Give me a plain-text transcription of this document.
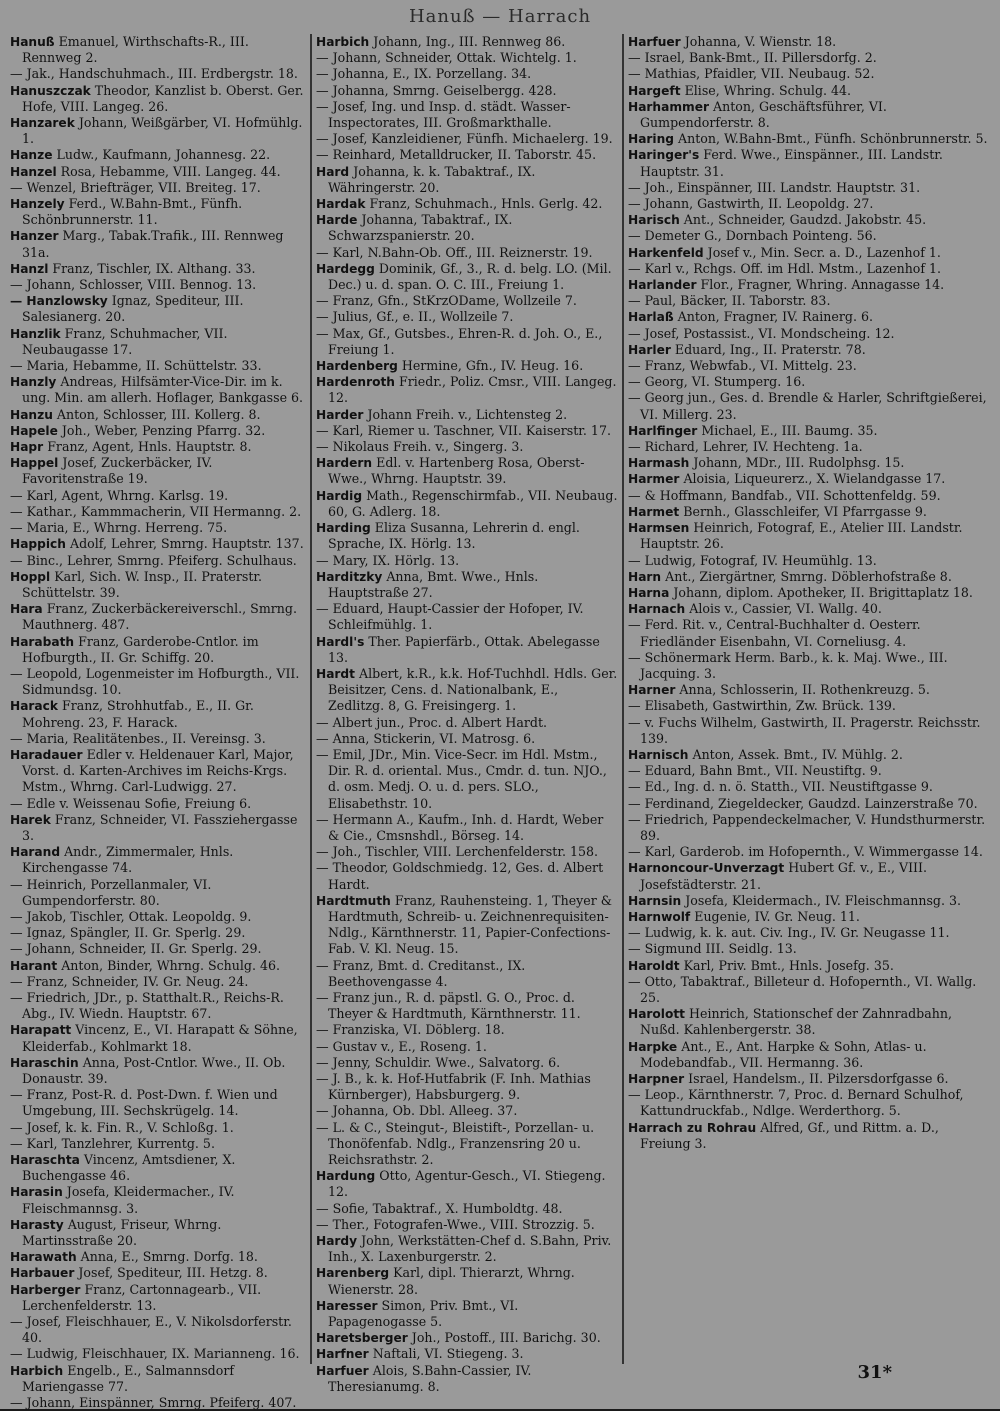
Hanuß — Harrach

Hanuß Emanuel, Wirthschafts-R., III. Rennweg 2.

— Jak., Handschuhmach., III. Erdbergstr. 18.

Hanuszczak Theodor, Kanzlist b. Oberst. Ger. Hofe, VIII. Langeg. 26.

Hanzarek Johann, Weißgärber, VI. Hofmühlg. 1.

Hanze Ludw., Kaufmann, Johannesg. 22.

Hanzel Rosa, Hebamme, VIII. Langeg. 44.

— Wenzel, Briefträger, VII. Breiteg. 17.

Hanzely Ferd., W.Bahn-Bmt., Fünfh. Schönbrunnerstr. 11.

Hanzer Marg., Tabak.Trafik., III. Rennweg 31a.

Hanzl Franz, Tischler, IX. Althang. 33.

— Johann, Schlosser, VIII. Bennog. 13.

— Hanzlowsky Ignaz, Spediteur, III. Salesianerg. 20.

Hanzlik Franz, Schuhmacher, VII. Neubaugasse 17.

— Maria, Hebamme, II. Schüttelstr. 33.

Hanzly Andreas, Hilfsämter-Vice-Dir. im k. ung. Min. am allerh. Hoflager, Bankgasse 6.

Hanzu Anton, Schlosser, III. Kollerg. 8.

Hapele Joh., Weber, Penzing Pfarrg. 32.

Hapr Franz, Agent, Hnls. Hauptstr. 8.

Happel Josef, Zuckerbäcker, IV. Favoritenstraße 19.

— Karl, Agent, Whrng. Karlsg. 19.

— Kathar., Kammmacherin, VII Hermanng. 2.

— Maria, E., Whrng. Herreng. 75.

Happich Adolf, Lehrer, Smrng. Hauptstr. 137.

— Binc., Lehrer, Smrng. Pfeiferg. Schulhaus.

Hoppl Karl, Sich. W. Insp., II. Praterstr. Schüttelstr. 39.

Hara Franz, Zuckerbäckereiverschl., Smrng. Mauthnerg. 487.

Harabath Franz, Garderobe-Cntlor. im Hofburgth., II. Gr. Schiffg. 20.

— Leopold, Logenmeister im Hofburgth., VII. Sidmundsg. 10.

Harack Franz, Strohhutfab., E., II. Gr. Mohreng. 23, F. Harack.

— Maria, Realitätenbes., II. Vereinsg. 3.

Haradauer Edler v. Heldenauer Karl, Major, Vorst. d. Karten-Archives im Reichs-Krgs. Mstm., Whrng. Carl-Ludwigg. 27.

— Edle v. Weissenau Sofie, Freiung 6.

Harek Franz, Schneider, VI. Fassziehergasse 3.

Harand Andr., Zimmermaler, Hnls. Kirchengasse 74.

— Heinrich, Porzellanmaler, VI. Gumpendorferstr. 80.

— Jakob, Tischler, Ottak. Leopoldg. 9.

— Ignaz, Spängler, II. Gr. Sperlg. 29.

— Johann, Schneider, II. Gr. Sperlg. 29.

Harant Anton, Binder, Whrng. Schulg. 46.

— Franz, Schneider, IV. Gr. Neug. 24.

— Friedrich, JDr., p. Statthalt.R., Reichs-R. Abg., IV. Wiedn. Hauptstr. 67.

Harapatt Vincenz, E., VI. Harapatt & Söhne, Kleiderfab., Kohlmarkt 18.

Haraschin Anna, Post-Cntlor. Wwe., II. Ob. Donaustr. 39.

— Franz, Post-R. d. Post-Dwn. f. Wien und Umgebung, III. Sechskrügelg. 14.

— Josef, k. k. Fin. R., V. Schloßg. 1.

— Karl, Tanzlehrer, Kurrentg. 5.

Haraschta Vincenz, Amtsdiener, X. Buchengasse 46.

Harasin Josefa, Kleidermacher., IV. Fleischmannsg. 3.

Harasty August, Friseur, Whrng. Martinsstraße 20.

Harawath Anna, E., Smrng. Dorfg. 18.

Harbauer Josef, Spediteur, III. Hetzg. 8.

Harberger Franz, Cartonnagearb., VII. Lerchenfelderstr. 13.

— Josef, Fleischhauer, E., V. Nikolsdorferstr. 40.

— Ludwig, Fleischhauer, IX. Marianneng. 16.

Harbich Engelb., E., Salmannsdorf Mariengasse 77.

— Johann, Einspänner, Smrng. Pfeiferg. 407.

Harbich Johann, Ing., III. Rennweg 86.

— Johann, Schneider, Ottak. Wichtelg. 1.

— Johanna, E., IX. Porzellang. 34.

— Johanna, Smrng. Geiselbergg. 428.

— Josef, Ing. und Insp. d. städt. Wasser-Inspectorates, III. Großmarkthalle.

— Josef, Kanzleidiener, Fünfh. Michaelerg. 19.

— Reinhard, Metalldrucker, II. Taborstr. 45.

Hard Johanna, k. k. Tabaktraf., IX. Währingerstr. 20.

Hardak Franz, Schuhmach., Hnls. Gerlg. 42.

Harde Johanna, Tabaktraf., IX. Schwarzspanierstr. 20.

— Karl, N.Bahn-Ob. Off., III. Reiznerstr. 19.

Hardegg Dominik, Gf., 3., R. d. belg. LO. (Mil. Dec.) u. d. span. O. C. III., Freiung 1.

— Franz, Gfn., StKrzODame, Wollzeile 7.

— Julius, Gf., e. II., Wollzeile 7.

— Max, Gf., Gutsbes., Ehren-R. d. Joh. O., E., Freiung 1.

Hardenberg Hermine, Gfn., IV. Heug. 16.

Hardenroth Friedr., Poliz. Cmsr., VIII. Langeg. 12.

Harder Johann Freih. v., Lichtensteg 2.

— Karl, Riemer u. Taschner, VII. Kaiserstr. 17.

— Nikolaus Freih. v., Singerg. 3.

Hardern Edl. v. Hartenberg Rosa, Oberst-Wwe., Whrng. Hauptstr. 39.

Hardig Math., Regenschirmfab., VII. Neubaug. 60, G. Adlerg. 18.

Harding Eliza Susanna, Lehrerin d. engl. Sprache, IX. Hörlg. 13.

— Mary, IX. Hörlg. 13.

Harditzky Anna, Bmt. Wwe., Hnls. Hauptstraße 27.

— Eduard, Haupt-Cassier der Hofoper, IV. Schleifmühlg. 1.

Hardl's Ther. Papierfärb., Ottak. Abelegasse 13.

Hardt Albert, k.R., k.k. Hof-Tuchhdl. Hdls. Ger. Beisitzer, Cens. d. Nationalbank, E., Zedlitzg. 8, G. Freisingerg. 1.

— Albert jun., Proc. d. Albert Hardt.

— Anna, Stickerin, VI. Matrosg. 6.

— Emil, JDr., Min. Vice-Secr. im Hdl. Mstm., Dir. R. d. oriental. Mus., Cmdr. d. tun. NJO., d. osm. Medj. O. u. d. pers. SLO., Elisabethstr. 10.

— Hermann A., Kaufm., Inh. d. Hardt, Weber & Cie., Cmsnshdl., Börseg. 14.

— Joh., Tischler, VIII. Lerchenfelderstr. 158.

— Theodor, Goldschmiedg. 12, Ges. d. Albert Hardt.

Hardtmuth Franz, Rauhensteing. 1, Theyer & Hardtmuth, Schreib- u. Zeichnenrequisiten-Ndlg., Kärnthnerstr. 11, Papier-Confections-Fab. V. Kl. Neug. 15.

— Franz, Bmt. d. Creditanst., IX. Beethovengasse 4.

— Franz jun., R. d. päpstl. G. O., Proc. d. Theyer & Hardtmuth, Kärnthnerstr. 11.

— Franziska, VI. Döblerg. 18.

— Gustav v., E., Roseng. 1.

— Jenny, Schuldir. Wwe., Salvatorg. 6.

— J. B., k. k. Hof-Hutfabrik (F. Inh. Mathias Kürnberger), Habsburgerg. 9.

— Johanna, Ob. Dbl. Alleeg. 37.

— L. & C., Steingut-, Bleistift-, Porzellan- u. Thonöfenfab. Ndlg., Franzensring 20 u. Reichsrathstr. 2.

Hardung Otto, Agentur-Gesch., VI. Stiegeng. 12.

— Sofie, Tabaktraf., X. Humboldtg. 48.

— Ther., Fotografen-Wwe., VIII. Strozzig. 5.

Hardy John, Werkstätten-Chef d. S.Bahn, Priv. Inh., X. Laxenburgerstr. 2.

Harenberg Karl, dipl. Thierarzt, Whrng. Wienerstr. 28.

Haresser Simon, Priv. Bmt., VI. Papagenogasse 5.

Haretsberger Joh., Postoff., III. Barichg. 30.

Harfner Naftali, VI. Stiegeng. 3.

Harfuer Alois, S.Bahn-Cassier, IV. Theresianumg. 8.

Harfuer Johanna, V. Wienstr. 18.

— Israel, Bank-Bmt., II. Pillersdorfg. 2.

— Mathias, Pfaidler, VII. Neubaug. 52.

Hargeft Elise, Whring. Schulg. 44.

Harhammer Anton, Geschäftsführer, VI. Gumpendorferstr. 8.

Haring Anton, W.Bahn-Bmt., Fünfh. Schönbrunnerstr. 5.

Haringer's Ferd. Wwe., Einspänner., III. Landstr. Hauptstr. 31.

— Joh., Einspänner, III. Landstr. Hauptstr. 31.

— Johann, Gastwirth, II. Leopoldg. 27.

Harisch Ant., Schneider, Gaudzd. Jakobstr. 45.

— Demeter G., Dornbach Pointeng. 56.

Harkenfeld Josef v., Min. Secr. a. D., Lazenhof 1.

— Karl v., Rchgs. Off. im Hdl. Mstm., Lazenhof 1.

Harlander Flor., Fragner, Whring. Annagasse 14.

— Paul, Bäcker, II. Taborstr. 83.

Harlaß Anton, Fragner, IV. Rainerg. 6.

— Josef, Postassist., VI. Mondscheing. 12.

Harler Eduard, Ing., II. Praterstr. 78.

— Franz, Webwfab., VI. Mittelg. 23.

— Georg, VI. Stumperg. 16.

— Georg jun., Ges. d. Brendle & Harler, Schriftgießerei, VI. Millerg. 23.

Harlfinger Michael, E., III. Baumg. 35.

— Richard, Lehrer, IV. Hechteng. 1a.

Harmash Johann, MDr., III. Rudolphsg. 15.

Harmer Aloisia, Liqueurerz., X. Wielandgasse 17.

— & Hoffmann, Bandfab., VII. Schottenfeldg. 59.

Harmet Bernh., Glasschleifer, VI Pfarrgasse 9.

Harmsen Heinrich, Fotograf, E., Atelier III. Landstr. Hauptstr. 26.

— Ludwig, Fotograf, IV. Heumühlg. 13.

Harn Ant., Ziergärtner, Smrng. Döblerhofstraße 8.

Harna Johann, diplom. Apotheker, II. Brigittaplatz 18.

Harnach Alois v., Cassier, VI. Wallg. 40.

— Ferd. Rit. v., Central-Buchhalter d. Oesterr. Friedländer Eisenbahn, VI. Corneliusg. 4.

— Schönermark Herm. Barb., k. k. Maj. Wwe., III. Jacquing. 3.

Harner Anna, Schlosserin, II. Rothenkreuzg. 5.

— Elisabeth, Gastwirthin, Zw. Brück. 139.

— v. Fuchs Wilhelm, Gastwirth, II. Pragerstr. Reichsstr. 139.

Harnisch Anton, Assek. Bmt., IV. Mühlg. 2.

— Eduard, Bahn Bmt., VII. Neustiftg. 9.

— Ed., Ing. d. n. ö. Statth., VII. Neustiftgasse 9.

— Ferdinand, Ziegeldecker, Gaudzd. Lainzerstraße 70.

— Friedrich, Pappendeckelmacher, V. Hundsthurmerstr. 89.

— Karl, Garderob. im Hofopernth., V. Wimmergasse 14.

Harnoncour-Unverzagt Hubert Gf. v., E., VIII. Josefstädterstr. 21.

Harnsin Josefa, Kleidermach., IV. Fleischmannsg. 3.

Harnwolf Eugenie, IV. Gr. Neug. 11.

— Ludwig, k. k. aut. Civ. Ing., IV. Gr. Neugasse 11.

— Sigmund III. Seidlg. 13.

Haroldt Karl, Priv. Bmt., Hnls. Josefg. 35.

— Otto, Tabaktraf., Billeteur d. Hofopernth., VI. Wallg. 25.

Harolott Heinrich, Stationschef der Zahnradbahn, Nußd. Kahlenbergerstr. 38.

Harpke Ant., E., Ant. Harpke & Sohn, Atlas- u. Modebandfab., VII. Hermanng. 36.

Harpner Israel, Handelsm., II. Pilzersdorfgasse 6.

— Leop., Kärnthnerstr. 7, Proc. d. Bernard Schulhof, Kattundruckfab., Ndlge. Werderthorg. 5.

Harrach zu Rohrau Alfred, Gf., und Rittm. a. D., Freiung 3.

31*
